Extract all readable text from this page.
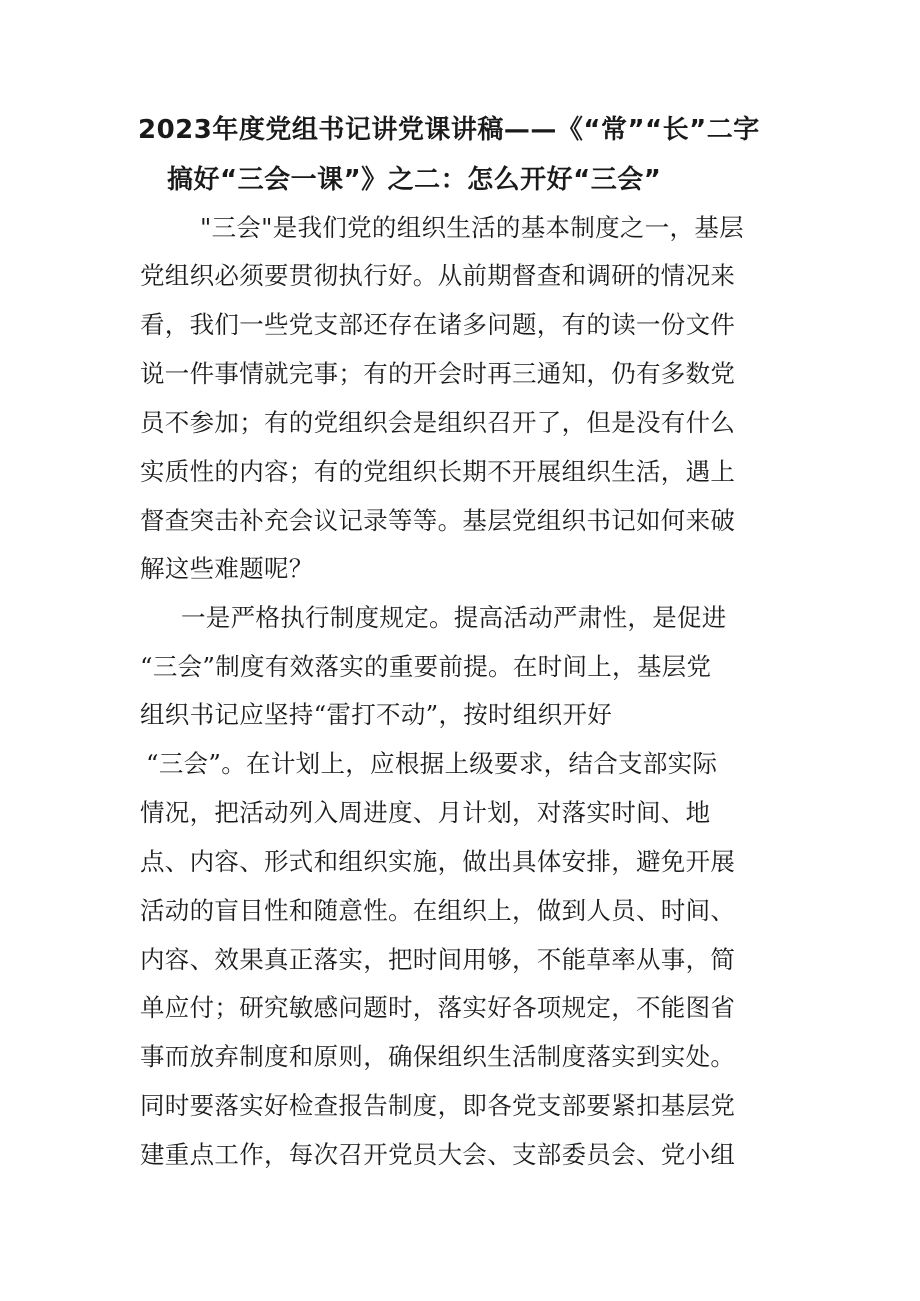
2023年度党组书记讲党课讲稿——《“常”“长”二字
搞好“三会一课”》之二：怎么开好“三会”
"三会"是我们党的组织生活的基本制度之一，基层
党组织必须要贯彻执行好。从前期督查和调研的情况来
看，我们一些党支部还存在诸多问题，有的读一份文件
说一件事情就完事；有的开会时再三通知，仍有多数党
员不参加；有的党组织会是组织召开了，但是没有什么
实质性的内容；有的党组织长期不开展组织生活，遇上
督查突击补充会议记录等等。基层党组织书记如何来破
解这些难题呢？
一是严格执行制度规定。提高活动严肃性，是促进
“三会”制度有效落实的重要前提。在时间上，基层党
组织书记应坚持“雷打不动”，按时组织开好
“三会”。在计划上，应根据上级要求，结合支部实际
情况，把活动列入周进度、月计划，对落实时间、地
点、内容、形式和组织实施，做出具体安排，避免开展
活动的盲目性和随意性。在组织上，做到人员、时间、
内容、效果真正落实，把时间用够，不能草率从事，简
单应付；研究敏感问题时，落实好各项规定，不能图省
事而放弃制度和原则，确保组织生活制度落实到实处。
同时要落实好检查报告制度，即各党支部要紧扣基层党
建重点工作，每次召开党员大会、支部委员会、党小组
